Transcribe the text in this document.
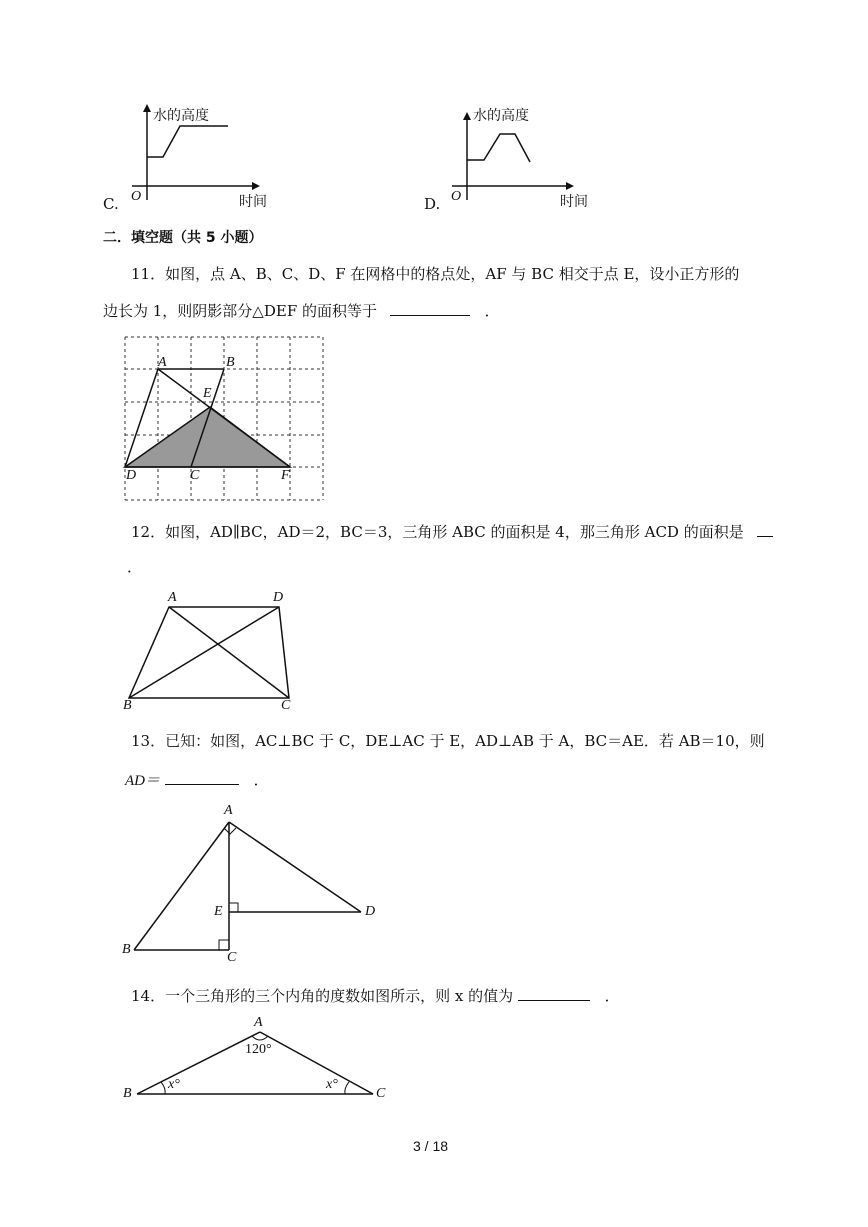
C.
水的高度
O	时间	D.
水的高度
O	时间
二．填空题（共 5 小题）
11．如图，点 A、B、C、D、F 在网格中的格点处，AF 与 BC 相交于点 E，设小正方形的
边长为 1，则阴影部分△DEF 的面积等于	．
A	B
E
D	C	F
12．如图，AD∥BC，AD＝2，BC＝3，三角形 ABC 的面积是 4，那三角形 ACD 的面积是
．
A	D
B	C
13．已知：如图，AC⊥BC 于 C，DE⊥AC 于 E，AD⊥AB 于 A，BC＝AE．若 AB＝10，则
AD＝	．
A
E	D
B
C
14．一个三角形的三个内角的度数如图所示，则 x 的值为	．
A
120°
B
x°	x°
C
3 / 18
